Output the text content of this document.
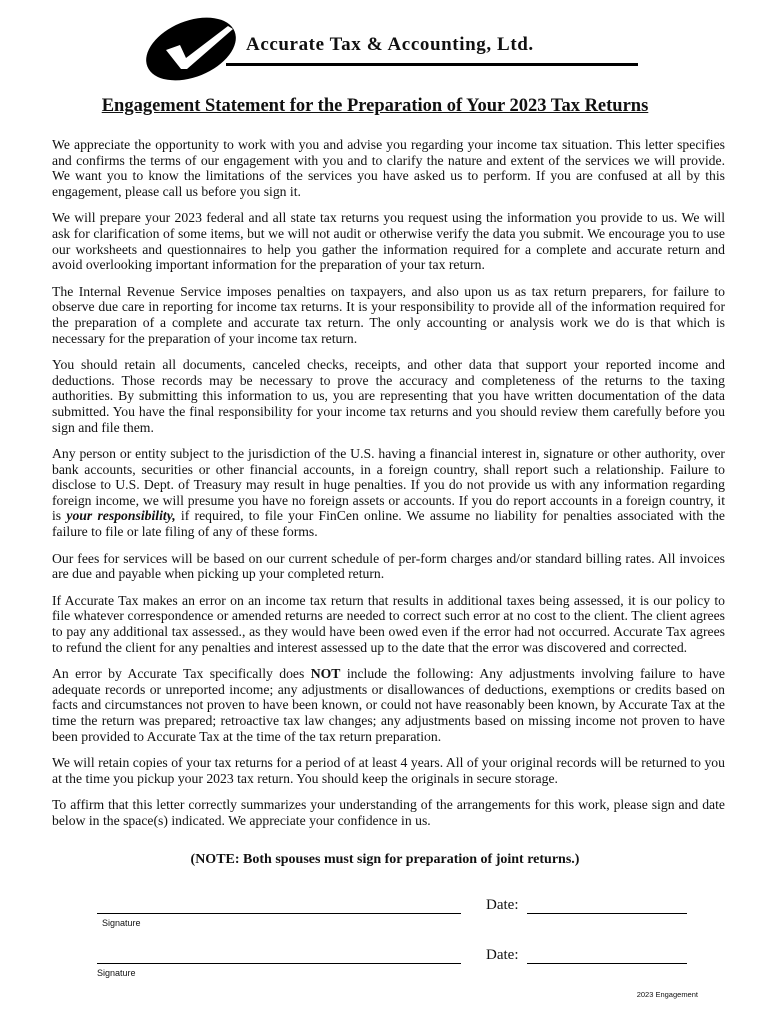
Accurate Tax & Accounting, Ltd.
Engagement Statement for the Preparation of Your 2023 Tax Returns

We appreciate the opportunity to work with you and advise you regarding your income tax situation. This letter specifies and confirms the terms of our engagement with you and to clarify the nature and extent of the services we will provide. We want you to know the limitations of the services you have asked us to perform. If you are confused at all by this engagement, please call us before you sign it.

We will prepare your 2023 federal and all state tax returns you request using the information you provide to us. We will ask for clarification of some items, but we will not audit or otherwise verify the data you submit. We encourage you to use our worksheets and questionnaires to help you gather the information required for a complete and accurate return and avoid overlooking important information for the preparation of your tax return.

The Internal Revenue Service imposes penalties on taxpayers, and also upon us as tax return preparers, for failure to observe due care in reporting for income tax returns. It is your responsibility to provide all of the information required for the preparation of a complete and accurate tax return. The only accounting or analysis work we do is that which is necessary for the preparation of your income tax return.

You should retain all documents, canceled checks, receipts, and other data that support your reported income and deductions. Those records may be necessary to prove the accuracy and completeness of the returns to the taxing authorities. By submitting this information to us, you are representing that you have written documentation of the data submitted. You have the final responsibility for your income tax returns and you should review them carefully before you sign and file them.

Any person or entity subject to the jurisdiction of the U.S. having a financial interest in, signature or other authority, over bank accounts, securities or other financial accounts, in a foreign country, shall report such a relationship. Failure to disclose to U.S. Dept. of Treasury may result in huge penalties. If you do not provide us with any information regarding foreign income, we will presume you have no foreign assets or accounts. If you do report accounts in a foreign country, it is your responsibility, if required, to file your FinCen online. We assume no liability for penalties associated with the failure to file or late filing of any of these forms.

Our fees for services will be based on our current schedule of per-form charges and/or standard billing rates. All invoices are due and payable when picking up your completed return.

If Accurate Tax makes an error on an income tax return that results in additional taxes being assessed, it is our policy to file whatever correspondence or amended returns are needed to correct such error at no cost to the client. The client agrees to pay any additional tax assessed., as they would have been owed even if the error had not occurred. Accurate Tax agrees to refund the client for any penalties and interest assessed up to the date that the error was discovered and corrected.

An error by Accurate Tax specifically does NOT include the following: Any adjustments involving failure to have adequate records or unreported income; any adjustments or disallowances of deductions, exemptions or credits based on facts and circumstances not proven to have been known, or could not have reasonably been known, by Accurate Tax at the time the return was prepared; retroactive tax law changes; any adjustments based on missing income not proven to have been provided to Accurate Tax at the time of the tax return preparation.

We will retain copies of your tax returns for a period of at least 4 years. All of your original records will be returned to you at the time you pickup your 2023 tax return. You should keep the originals in secure storage.

To affirm that this letter correctly summarizes your understanding of the arrangements for this work, please sign and date below in the space(s) indicated. We appreciate your confidence in us.

(NOTE: Both spouses must sign for preparation of joint returns.)
Signature
Date:
Signature
Date:
2023 Engagement
